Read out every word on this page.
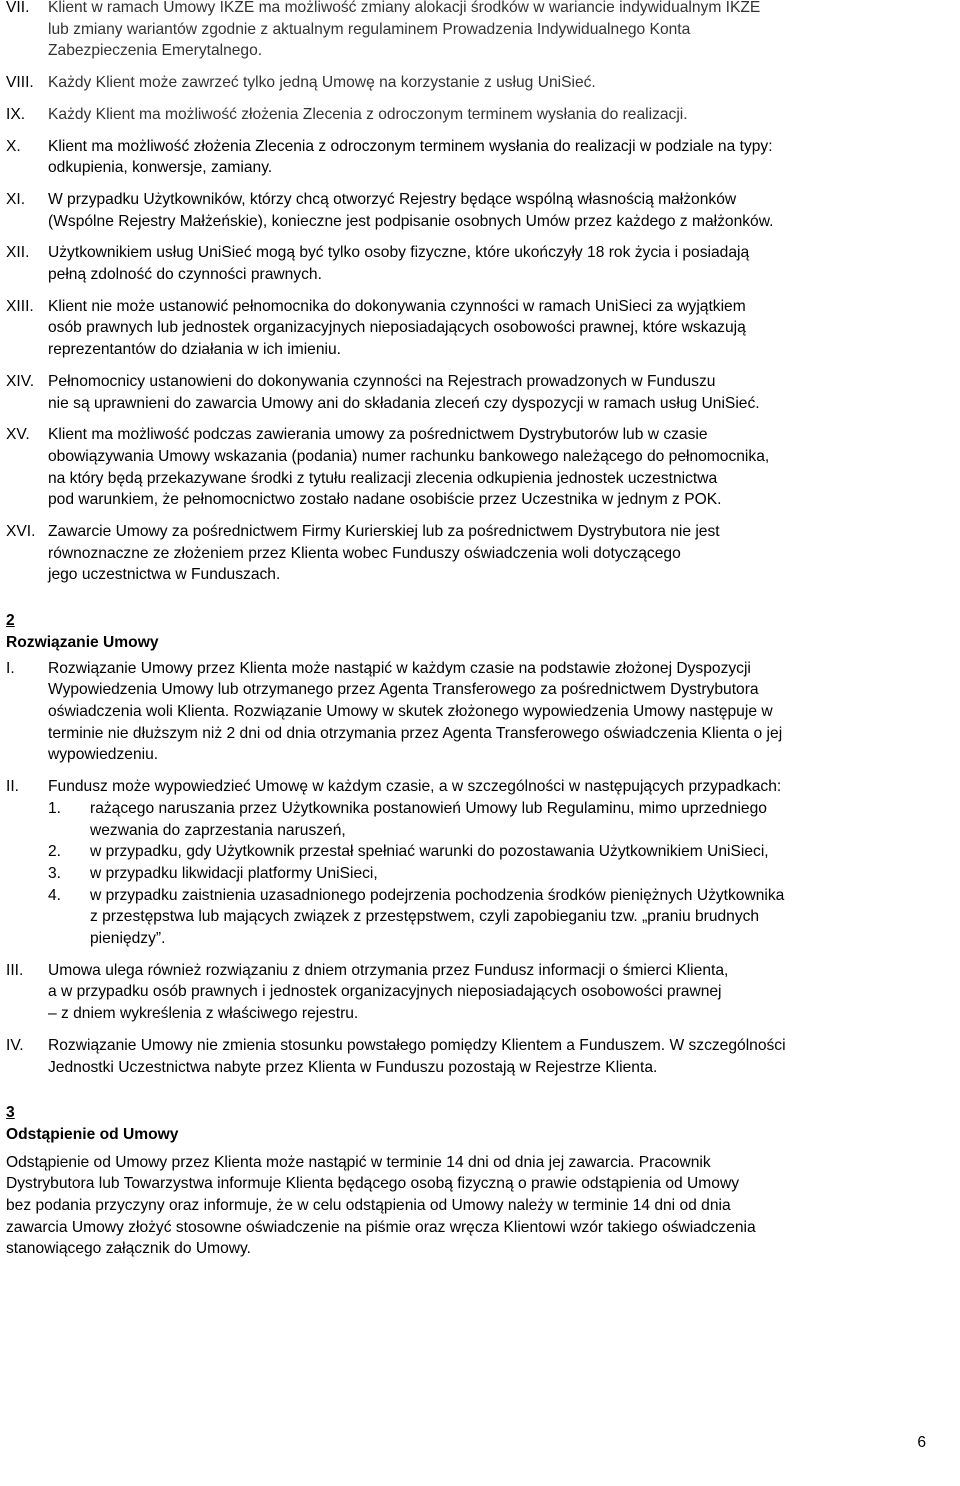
VII.	Klient w ramach Umowy IKZE ma możliwość zmiany alokacji środków w wariancie indywidualnym IKZE
lub zmiany wariantów zgodnie z aktualnym regulaminem Prowadzenia Indywidualnego Konta
Zabezpieczenia Emerytalnego.
VIII. Każdy Klient może zawrzeć tylko jedną Umowę na korzystanie z usług UniSieć.
IX.	Każdy Klient ma możliwość złożenia Zlecenia z odroczonym terminem wysłania do realizacji.
X.	Klient ma możliwość złożenia Zlecenia z odroczonym terminem wysłania do realizacji w podziale na typy:
odkupienia, konwersje, zamiany.
XI.	W przypadku Użytkowników, którzy chcą otworzyć Rejestry będące wspólną własnością małżonków
(Wspólne Rejestry Małżeńskie), konieczne jest podpisanie osobnych Umów przez każdego z małżonków.
XII.	Użytkownikiem usług UniSieć mogą być tylko osoby fizyczne, które ukończyły 18 rok życia i posiadają
pełną zdolność do czynności prawnych.
XIII. Klient nie może ustanowić pełnomocnika do dokonywania czynności w ramach UniSieci za wyjątkiem
osób prawnych lub jednostek organizacyjnych nieposiadających osobowości prawnej, które wskazują
reprezentantów do działania w ich imieniu.
XIV. Pełnomocnicy ustanowieni do dokonywania czynności na Rejestrach prowadzonych w Funduszu
nie są uprawnieni do zawarcia Umowy ani do składania zleceń czy dyspozycji w ramach usług UniSieć.
XV.	Klient ma możliwość podczas zawierania umowy za pośrednictwem Dystrybutorów lub w czasie
obowiązywania Umowy wskazania (podania) numer rachunku bankowego należącego do pełnomocnika,
na który będą przekazywane środki z tytułu realizacji zlecenia odkupienia jednostek uczestnictwa
pod warunkiem, że pełnomocnictwo zostało nadane osobiście przez Uczestnika w jednym z POK.
XVI. Zawarcie Umowy za pośrednictwem Firmy Kurierskiej lub za pośrednictwem Dystrybutora nie jest
równoznaczne ze złożeniem przez Klienta wobec Funduszy oświadczenia woli dotyczącego
jego uczestnictwa w Funduszach.
2
Rozwiązanie Umowy
I.	Rozwiązanie Umowy przez Klienta może nastąpić w każdym czasie na podstawie złożonej Dyspozycji
Wypowiedzenia Umowy lub otrzymanego przez Agenta Transferowego za pośrednictwem Dystrybutora
oświadczenia woli Klienta. Rozwiązanie Umowy w skutek złożonego wypowiedzenia Umowy następuje w
terminie nie dłuższym niż 2 dni od dnia otrzymania przez Agenta Transferowego oświadczenia Klienta o jej
wypowiedzeniu.
II.	Fundusz może wypowiedzieć Umowę w każdym czasie, a w szczególności w następujących przypadkach:
1.	rażącego naruszania przez Użytkownika postanowień Umowy lub Regulaminu, mimo uprzedniego
wezwania do zaprzestania naruszeń,
2.	w przypadku, gdy Użytkownik przestał spełniać warunki do pozostawania Użytkownikiem UniSieci,
3.	w przypadku likwidacji platformy UniSieci,
4.	w przypadku zaistnienia uzasadnionego podejrzenia pochodzenia środków pieniężnych Użytkownika
z przestępstwa lub mających związek z przestępstwem, czyli zapobieganiu tzw. „praniu brudnych
pieniędzy”.
III.	Umowa ulega również rozwiązaniu z dniem otrzymania przez Fundusz informacji o śmierci Klienta,
a w przypadku osób prawnych i jednostek organizacyjnych nieposiadających osobowości prawnej
– z dniem wykreślenia z właściwego rejestru.
IV.	Rozwiązanie Umowy nie zmienia stosunku powstałego pomiędzy Klientem a Funduszem. W szczególności
Jednostki Uczestnictwa nabyte przez Klienta w Funduszu pozostają w Rejestrze Klienta.
3
Odstąpienie od Umowy
Odstąpienie od Umowy przez Klienta może nastąpić w terminie 14 dni od dnia jej zawarcia. Pracownik
Dystrybutora lub Towarzystwa informuje Klienta będącego osobą fizyczną o prawie odstąpienia od Umowy
bez podania przyczyny oraz informuje, że w celu odstąpienia od Umowy należy w terminie 14 dni od dnia
zawarcia Umowy złożyć stosowne oświadczenie na piśmie oraz wręcza Klientowi wzór takiego oświadczenia
stanowiącego załącznik do Umowy.
6
